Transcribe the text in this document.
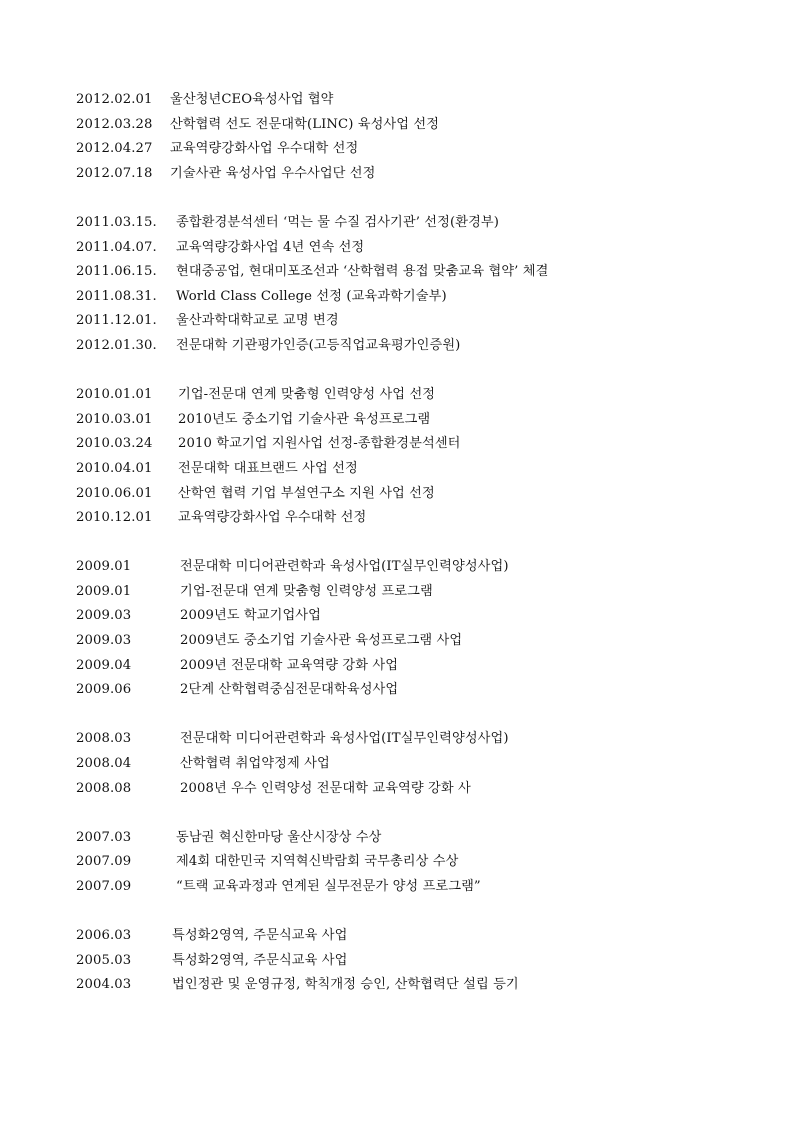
2012.02.01	울산청년CEO육성사업 협약
2012.03.28	산학협력 선도 전문대학(LINC) 육성사업 선정
2012.04.27	교육역량강화사업 우수대학 선정
2012.07.18	기술사관 육성사업 우수사업단 선정
2011.03.15.	종합환경분석센터 ‘먹는 물 수질 검사기관’ 선정(환경부)
2011.04.07.	교육역량강화사업 4년 연속 선정
2011.06.15.	현대중공업, 현대미포조선과 ‘산학협력 용접 맞춤교육 협약’ 체결
2011.08.31.	World Class College 선정 (교육과학기술부)
2011.12.01.	울산과학대학교로 교명 변경
2012.01.30.	전문대학 기관평가인증(고등직업교육평가인증원)
2010.01.01	기업-전문대 연계 맞춤형 인력양성 사업 선정
2010.03.01	2010년도 중소기업 기술사관 육성프로그램
2010.03.24	2010 학교기업 지원사업 선정-종합환경분석센터
2010.04.01	전문대학 대표브랜드 사업 선정
2010.06.01	산학연 협력 기업 부설연구소 지원 사업 선정
2010.12.01	교육역량강화사업 우수대학 선정
2009.01	전문대학 미디어관련학과 육성사업(IT실무인력양성사업)
2009.01	기업-전문대 연계 맞춤형 인력양성 프로그램
2009.03	2009년도 학교기업사업
2009.03	2009년도 중소기업 기술사관 육성프로그램 사업
2009.04	2009년 전문대학 교육역량 강화 사업
2009.06	2단계 산학협력중심전문대학육성사업
2008.03	전문대학 미디어관련학과 육성사업(IT실무인력양성사업)
2008.04	산학협력 취업약정제 사업
2008.08	2008년 우수 인력양성 전문대학 교육역량 강화 사
2007.03	동남권 혁신한마당 울산시장상 수상
2007.09	제4회 대한민국 지역혁신박람회 국무총리상 수상
2007.09	“트랙 교육과정과 연계된 실무전문가 양성 프로그램”
2006.03	특성화2영역, 주문식교육 사업
2005.03	특성화2영역, 주문식교육 사업
2004.03	법인정관 및 운영규정, 학칙개정 승인, 산학협력단 설립 등기
